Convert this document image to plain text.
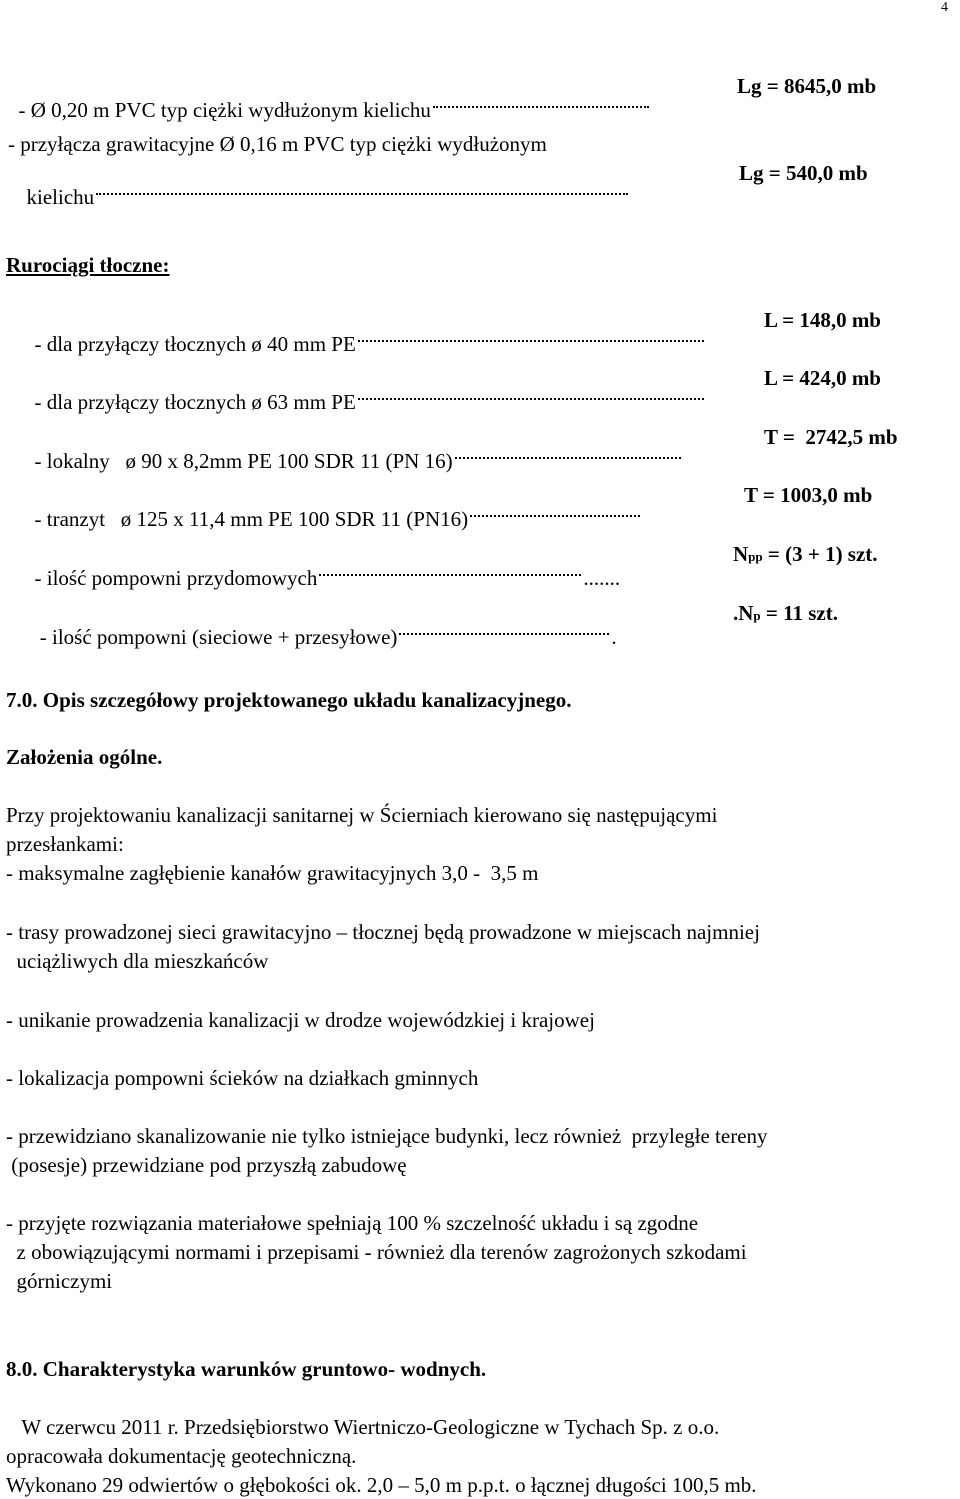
4

- Ø 0,20 m PVC typ ciężki wydłużonym kielichu

Lg = 8645,0 mb
- przyłącza grawitacyjne Ø 0,16 m PVC typ ciężki wydłużonym

kielichu

Lg = 540,0 mb
Rurociągi tłoczne:

- dla przyłączy tłocznych ø 40 mm PE

L = 148,0 mb

- dla przyłączy tłocznych ø 63 mm PE

L = 424,0 mb

- lokalny   ø 90 x 8,2mm PE 100 SDR 11 (PN 16)

T =  2742,5 mb

- tranzyt   ø 125 x 11,4 mm PE 100 SDR 11 (PN16)

T = 1003,0 mb

- ilość pompowni przydomowych	.......

Npp = (3 + 1) szt.

- ilość pompowni (sieciowe + przesyłowe)	.

.Np = 11 szt.
7.0. Opis szczegółowy projektowanego układu kanalizacyjnego.
Założenia ogólne.
Przy projektowaniu kanalizacji sanitarnej w Ścierniach kierowano się następującymi
przesłankami:
- maksymalne zagłębienie kanałów grawitacyjnych 3,0 -  3,5 m
- trasy prowadzonej sieci grawitacyjno – tłocznej będą prowadzone w miejscach najmniej
uciążliwych dla mieszkańców
- unikanie prowadzenia kanalizacji w drodze wojewódzkiej i krajowej
- lokalizacja pompowni ścieków na działkach gminnych
- przewidziano skanalizowanie nie tylko istniejące budynki, lecz również  przyległe tereny
(posesje) przewidziane pod przyszłą zabudowę
- przyjęte rozwiązania materiałowe spełniają 100 % szczelność układu i są zgodne
z obowiązującymi normami i przepisami - również dla terenów zagrożonych szkodami
górniczymi
8.0. Charakterystyka warunków gruntowo- wodnych.
W czerwcu 2011 r. Przedsiębiorstwo Wiertniczo-Geologiczne w Tychach Sp. z o.o.
opracowała dokumentację geotechniczną.
Wykonano 29 odwiertów o głębokości ok. 2,0 – 5,0 m p.p.t. o łącznej długości 100,5 mb.
